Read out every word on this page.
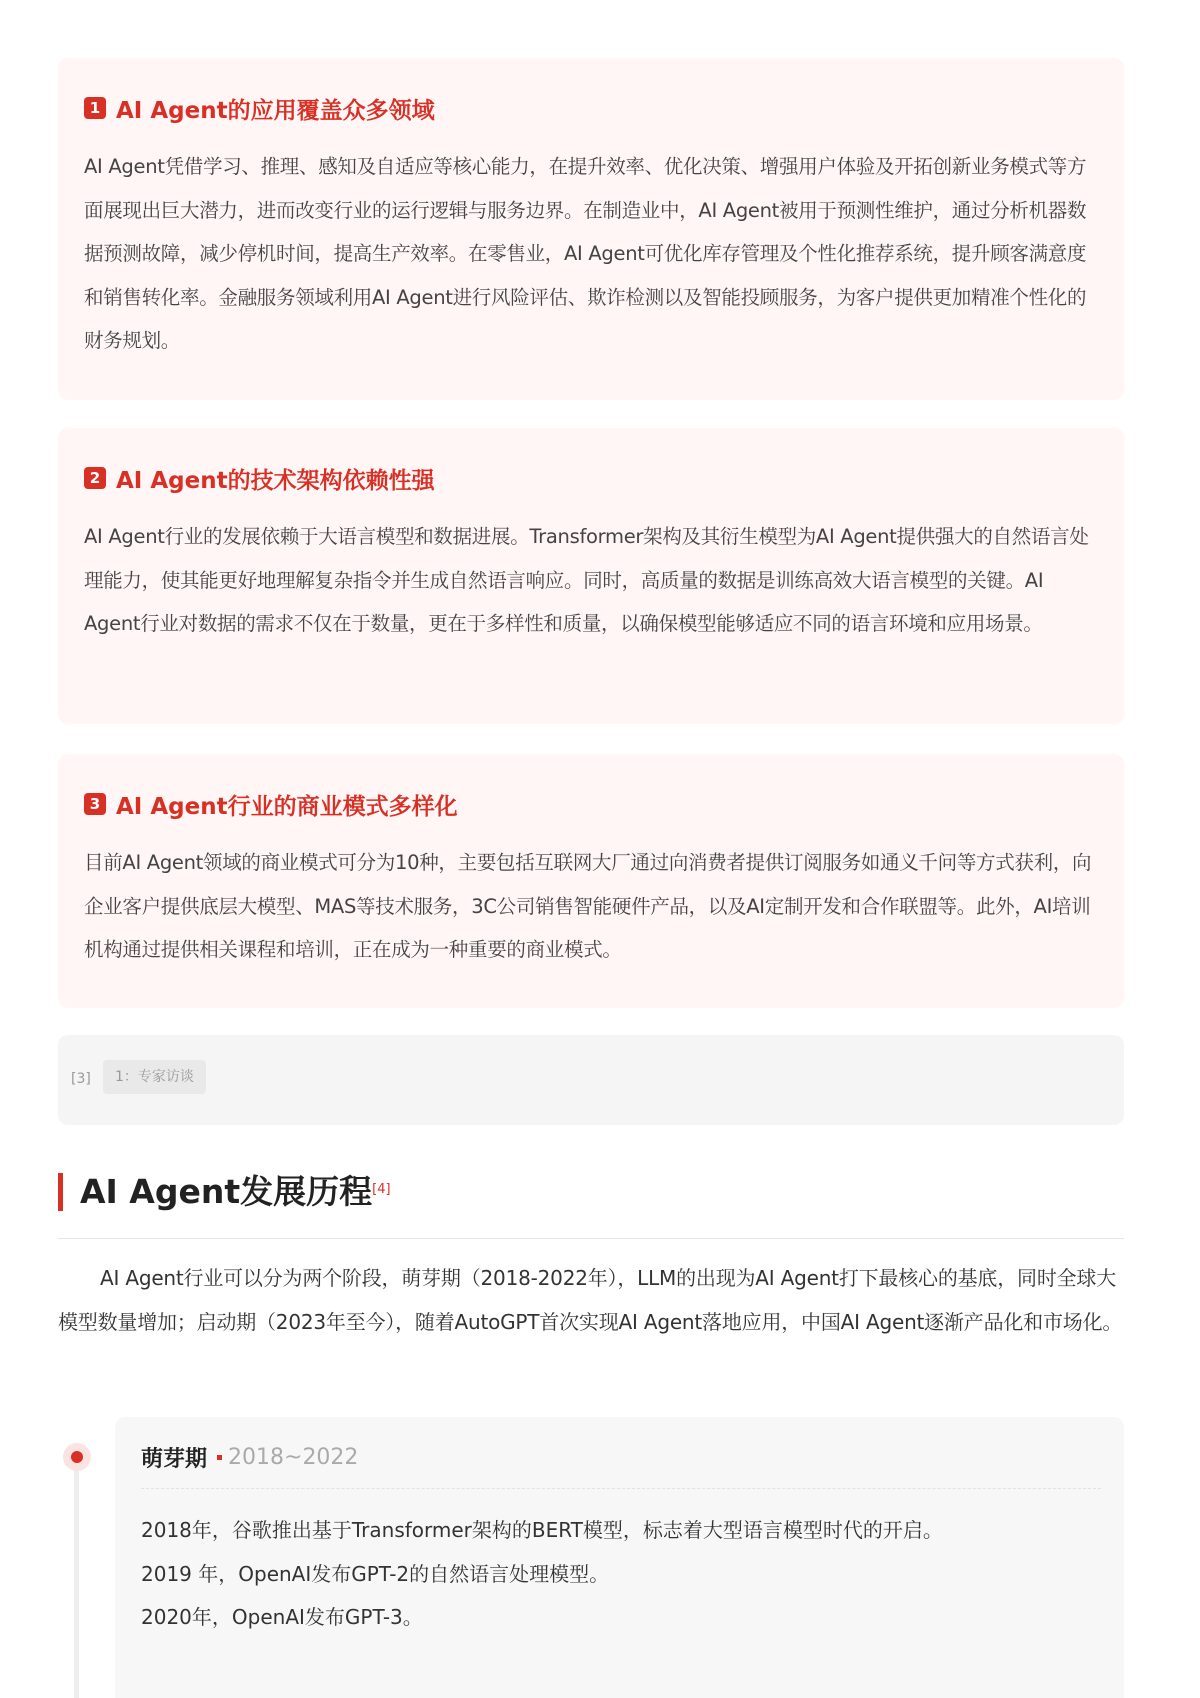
1 AI Agent的应用覆盖众多领域
AI Agent凭借学习、推理、感知及自适应等核心能力，在提升效率、优化决策、增强用户体验及开拓创新业务模式等方面展现出巨大潜力，进而改变行业的运行逻辑与服务边界。在制造业中，AI Agent被用于预测性维护，通过分析机器数据预测故障，减少停机时间，提高生产效率。在零售业，AI Agent可优化库存管理及个性化推荐系统，提升顾客满意度和销售转化率。金融服务领域利用AI Agent进行风险评估、欺诈检测以及智能投顾服务，为客户提供更加精准个性化的财务规划。
2 AI Agent的技术架构依赖性强
AI Agent行业的发展依赖于大语言模型和数据进展。Transformer架构及其衍生模型为AI Agent提供强大的自然语言处理能力，使其能更好地理解复杂指令并生成自然语言响应。同时，高质量的数据是训练高效大语言模型的关键。AI Agent行业对数据的需求不仅在于数量，更在于多样性和质量，以确保模型能够适应不同的语言环境和应用场景。
3 AI Agent行业的商业模式多样化
目前AI Agent领域的商业模式可分为10种，主要包括互联网大厂通过向消费者提供订阅服务如通义千问等方式获利，向企业客户提供底层大模型、MAS等技术服务，3C公司销售智能硬件产品，以及AI定制开发和合作联盟等。此外，AI培训机构通过提供相关课程和培训，正在成为一种重要的商业模式。
[3]	1：专家访谈
AI Agent发展历程[4]
AI Agent行业可以分为两个阶段，萌芽期（2018-2022年），LLM的出现为AI Agent打下最核心的基底，同时全球大模型数量增加；启动期（2023年至今），随着AutoGPT首次实现AI Agent落地应用，中国AI Agent逐渐产品化和市场化。
萌芽期 2018~2022
2018年，谷歌推出基于Transformer架构的BERT模型，标志着大型语言模型时代的开启。
2019 年，OpenAI发布GPT-2的自然语言处理模型。
2020年，OpenAI发布GPT-3。
